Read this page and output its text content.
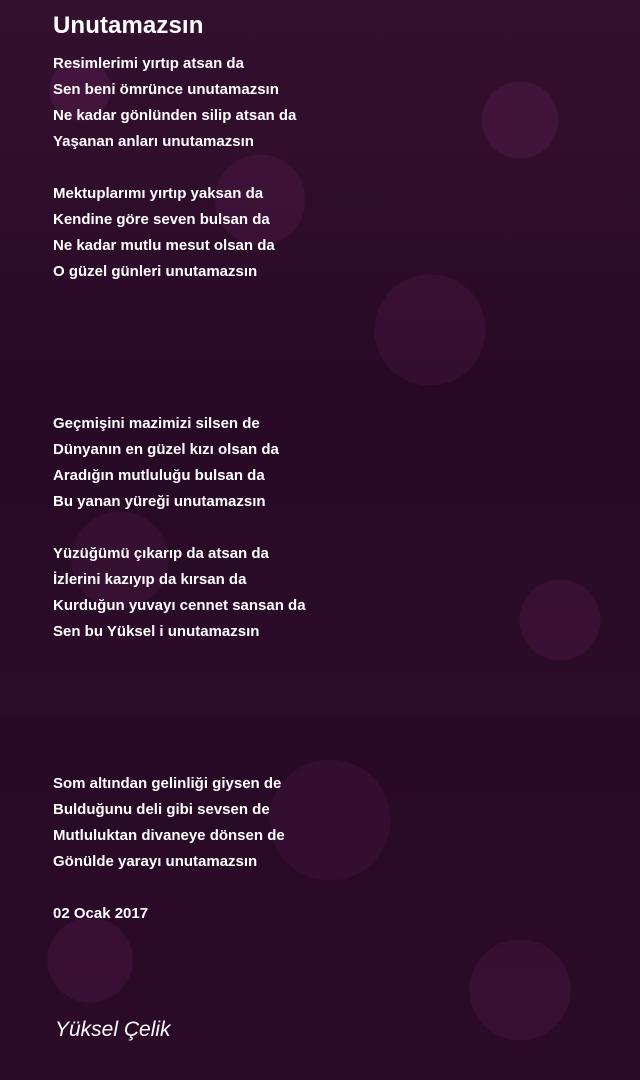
Unutamazsın
Resimlerimi yırtıp atsan da
Sen beni ömrünce unutamazsın
Ne kadar gönlünden silip atsan da
Yaşanan anları unutamazsın
Mektuplarımı yırtıp yaksan da
Kendine göre seven bulsan da
Ne kadar mutlu mesut olsan da
O güzel günleri unutamazsın
Geçmişini mazimizi silsen de
Dünyanın en güzel kızı olsan da
Aradığın mutluluğu bulsan da
Bu yanan yüreği unutamazsın
Yüzüğümü çıkarıp da atsan da
İzlerini kazıyıp da kırsan da
Kurduğun yuvayı cennet sansan da
Sen bu Yüksel i unutamazsın
Som altından gelinliği giysen de
Bulduğunu deli gibi sevsen de
Mutluluktan divaneye dönsen de
Gönülde yarayı unutamazsın
02 Ocak 2017
Yüksel Çelik
